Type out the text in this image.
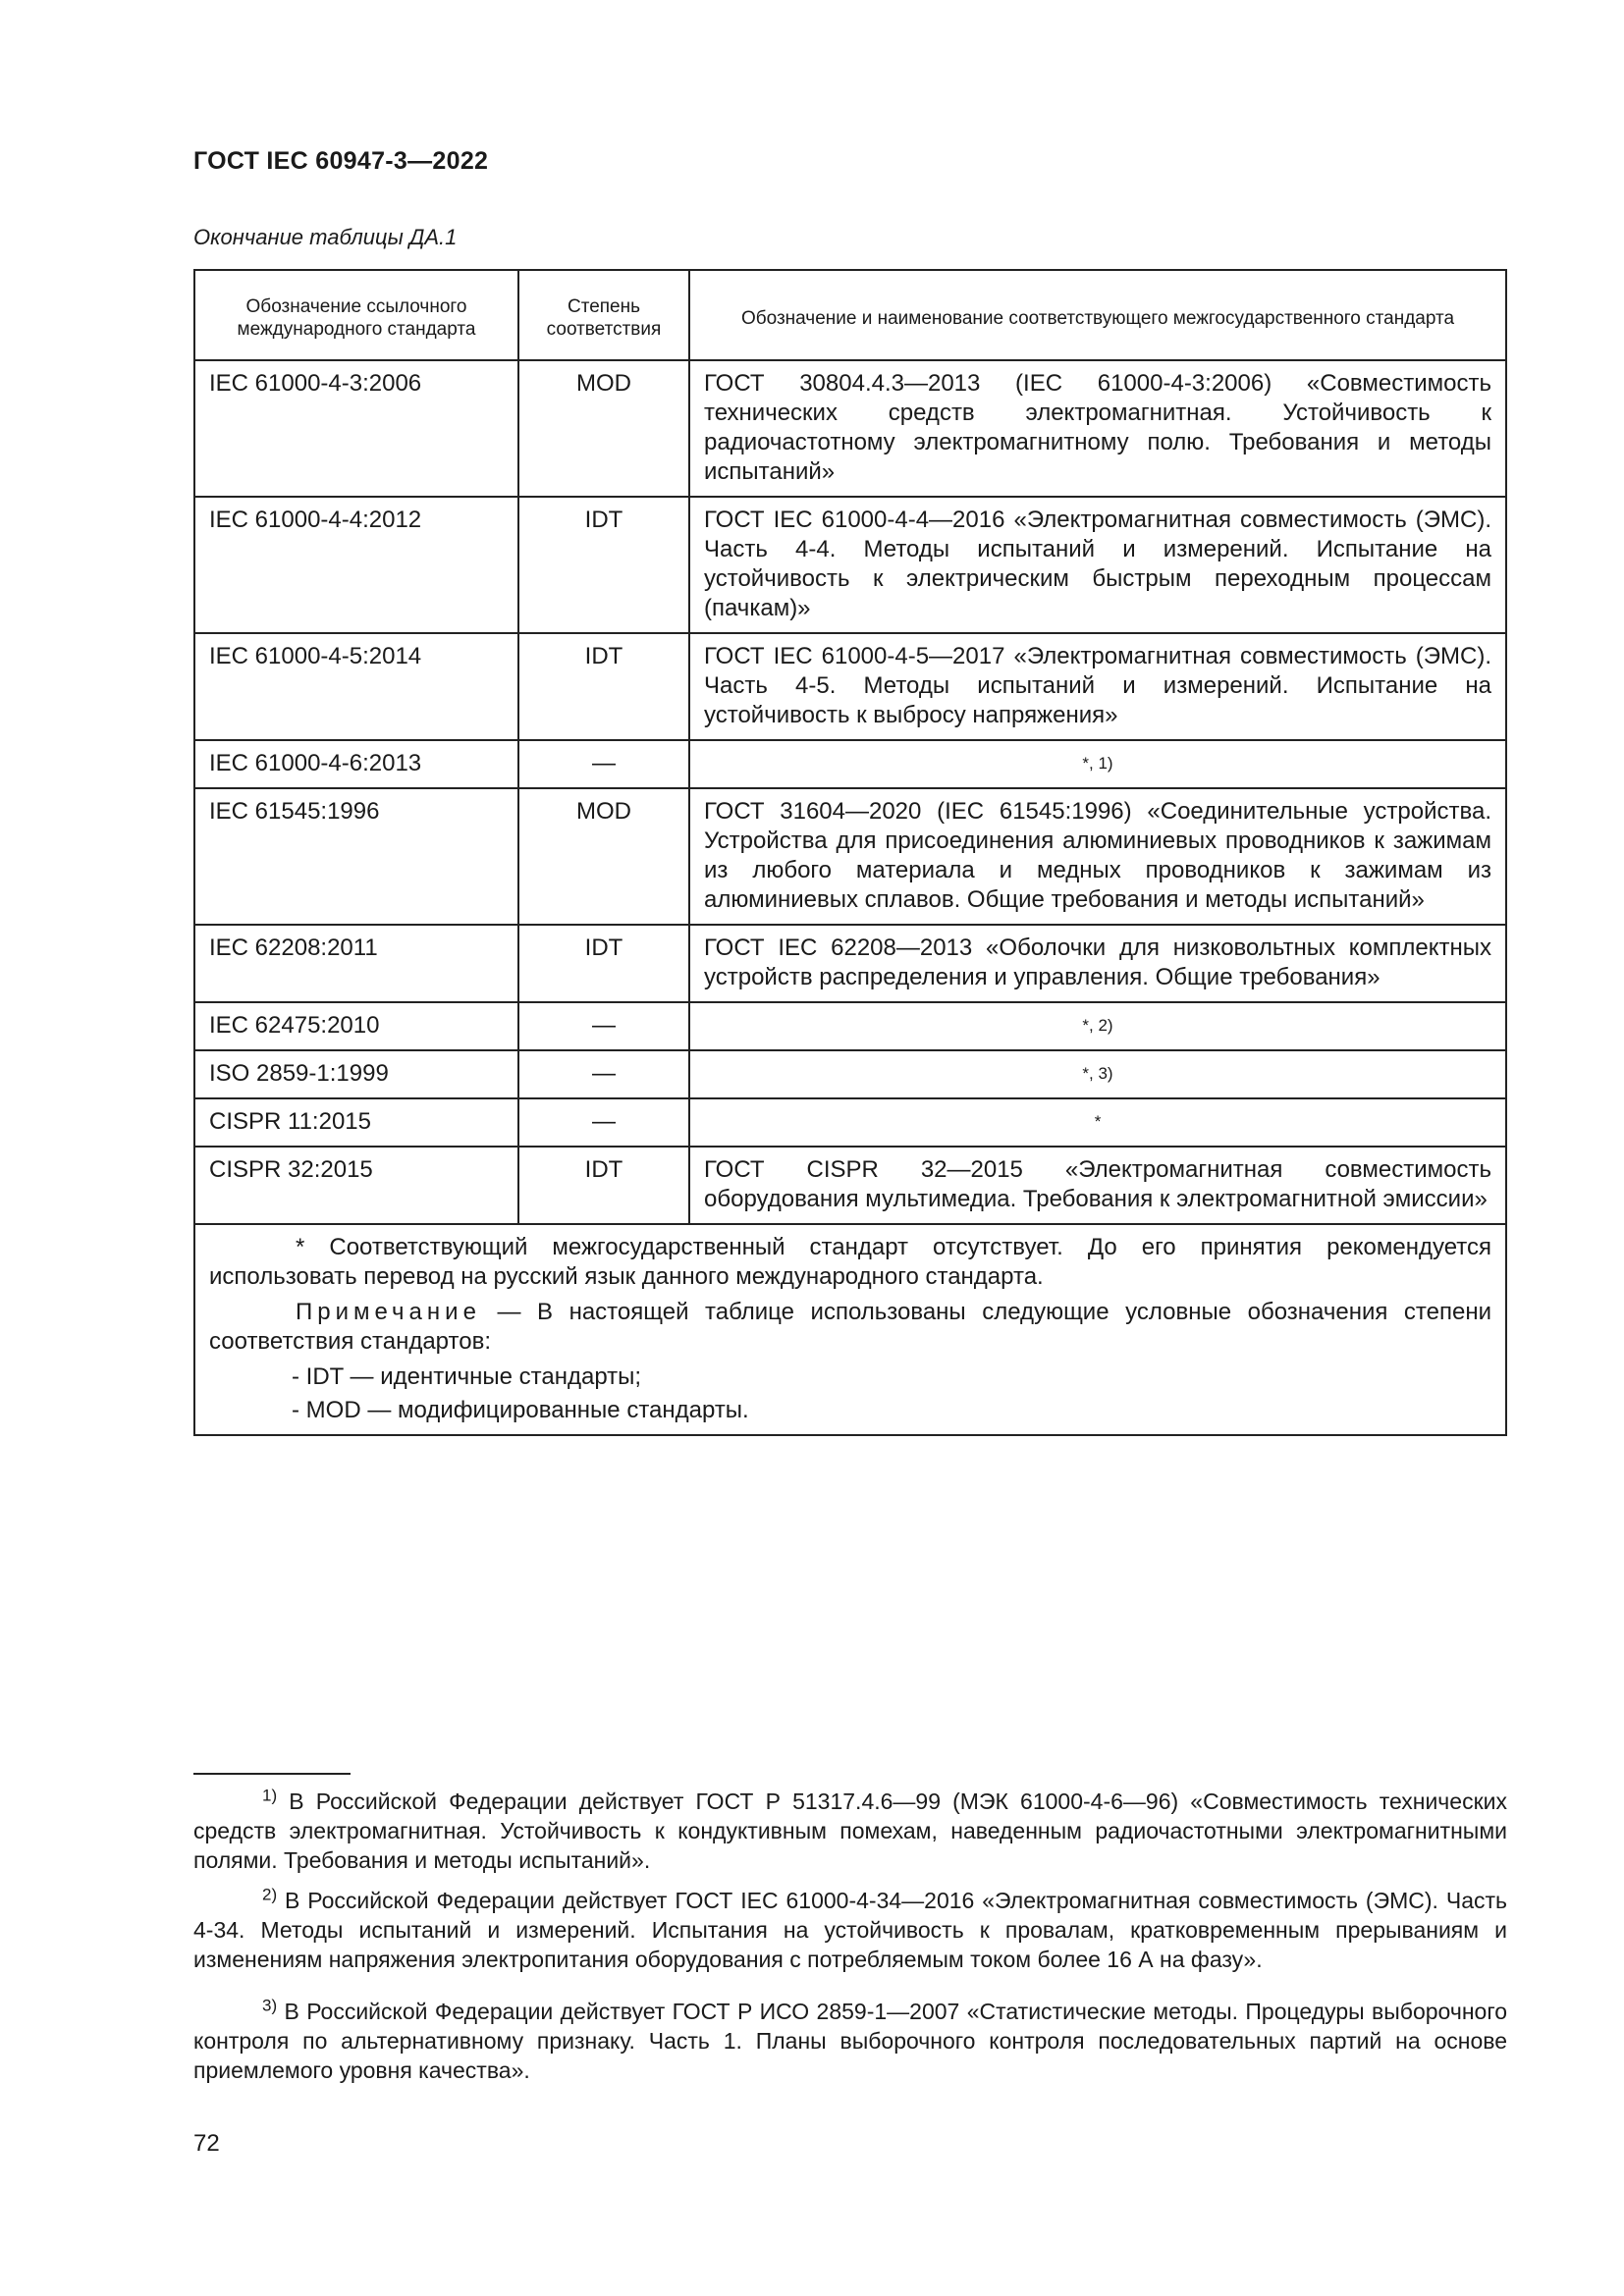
ГОСТ IEC 60947-3—2022
Окончание таблицы ДА.1
Обозначение ссылочного международного стандарта	Степень соответствия	Обозначение и наименование соответствующего межгосударственного стандарта
IEC 61000-4-3:2006	MOD	ГОСТ 30804.4.3—2013 (IEC 61000-4-3:2006) «Совместимость технических средств электромагнитная. Устойчивость к радиочастотному электромагнитному полю. Требования и методы испытаний»
IEC 61000-4-4:2012	IDT	ГОСТ IEC 61000-4-4—2016 «Электромагнитная совместимость (ЭМС). Часть 4-4. Методы испытаний и измерений. Испытание на устойчивость к электрическим быстрым переходным процессам (пачкам)»
IEC 61000-4-5:2014	IDT	ГОСТ IEC 61000-4-5—2017 «Электромагнитная совместимость (ЭМС). Часть 4-5. Методы испытаний и измерений. Испытание на устойчивость к выбросу напряжения»
IEC 61000-4-6:2013	—	*, 1)
IEC 61545:1996	MOD	ГОСТ 31604—2020 (IEC 61545:1996) «Соединительные устройства. Устройства для присоединения алюминиевых проводников к зажимам из любого материала и медных проводников к зажимам из алюминиевых сплавов. Общие требования и методы испытаний»
IEC 62208:2011	IDT	ГОСТ IEC 62208—2013 «Оболочки для низковольтных комплектных устройств распределения и управления. Общие требования»
IEC 62475:2010	—	*, 2)
ISO 2859-1:1999	—	*, 3)
CISPR 11:2015	—	*
CISPR 32:2015	IDT	ГОСТ CISPR 32—2015 «Электромагнитная совместимость оборудования мультимедиа. Требования к электромагнитной эмиссии»

* Соответствующий межгосударственный стандарт отсутствует. До его принятия рекомендуется использовать перевод на русский язык данного международного стандарта.

Примечание — В настоящей таблице использованы следующие условные обозначения степени соответствия стандартов:

- IDT — идентичные стандарты;
- MOD — модифицированные стандарты.		
$^{1)}$ В Российской Федерации действует ГОСТ Р 51317.4.6—99 (МЭК 61000-4-6—96) «Совместимость технических средств электромагнитная. Устойчивость к кондуктивным помехам, наведенным радиочастотными электромагнитными полями. Требования и методы испытаний».
$^{2)}$ В Российской Федерации действует ГОСТ IEC 61000-4-34—2016 «Электромагнитная совместимость (ЭМС). Часть 4-34. Методы испытаний и измерений. Испытания на устойчивость к провалам, кратковременным прерываниям и изменениям напряжения электропитания оборудования с потребляемым током более 16 А на фазу».
$^{3)}$ В Российской Федерации действует ГОСТ Р ИСО 2859-1—2007 «Статистические методы. Процедуры выборочного контроля по альтернативному признаку. Часть 1. Планы выборочного контроля последовательных партий на основе приемлемого уровня качества».
72
